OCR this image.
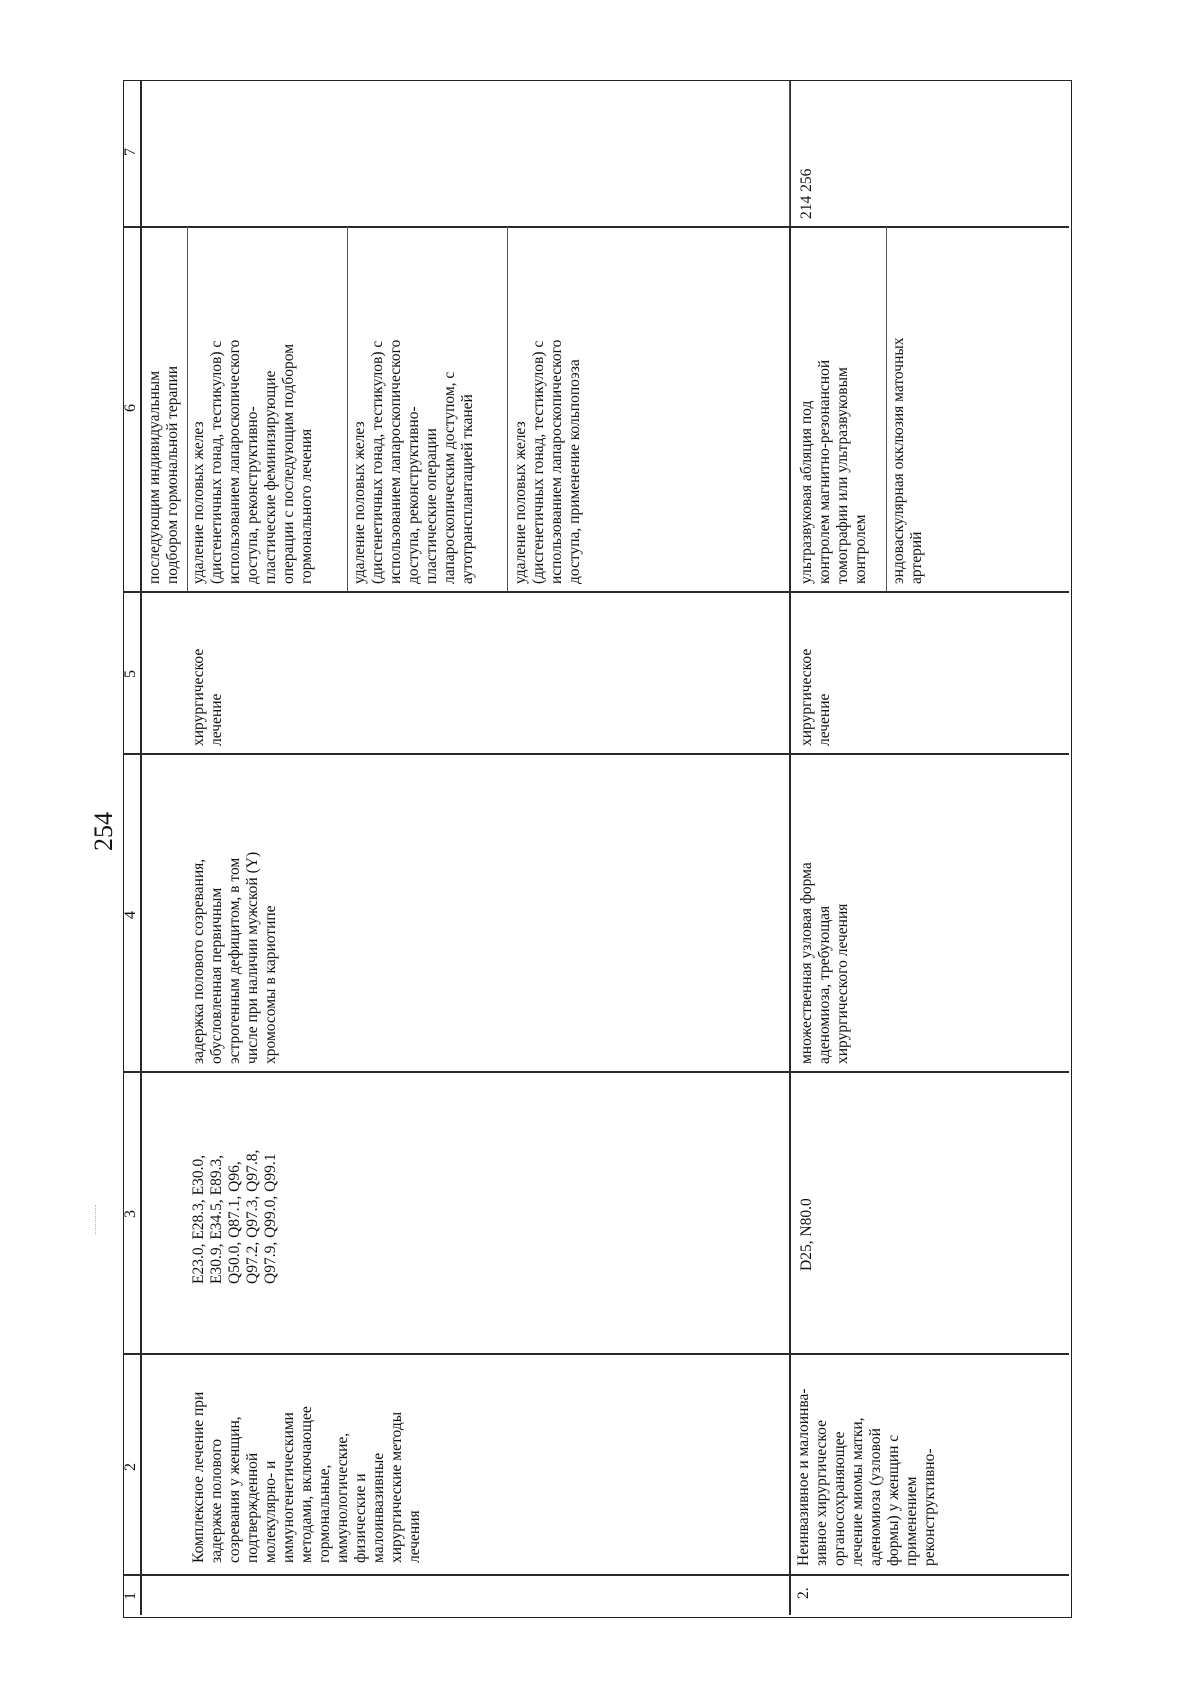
254
1
2
3
4
5
6
7
Комплексное лечение при
задержке полового
созревания у женщин,
подтвержденной
молекулярно- и
иммуногенетическими
методами, включающее
гормональные,
иммунологические,
физические и
малоинвазивные
хирургические методы
лечения
E23.0, E28.3, E30.0,
E30.9, E34.5, E89.3,
Q50.0, Q87.1, Q96,
Q97.2, Q97.3, Q97.8,
Q97.9, Q99.0, Q99.1
задержка полового созревания,
обусловленная первичным
эстрогенным дефицитом, в том
числе при наличии мужской (Y)
хромосомы в кариотипе
хирургическое
лечение
последующим индивидуальным
подбором гормональной терапии
удаление половых желез
(дисгенетичных гонад, тестикулов) с
использованием лапароскопического
доступа, реконструктивно-
пластические феминизирующие
операции с последующим подбором
гормонального лечения
удаление половых желез
(дисгенетичных гонад, тестикулов) с
использованием лапароскопического
доступа, реконструктивно-
пластические операции
лапароскопическим доступом, с
аутотрансплантацией тканей
удаление половых желез
(дисгенетичных гонад, тестикулов) с
использованием лапароскопического
доступа, применение кольпопоэза
2.
Неинвазивное и малоинва-
зивное хирургическое
органосохраняющее
лечение миомы матки,
аденомиоза (узловой
формы) у женщин с
применением
реконструктивно-
D25, N80.0
множественная узловая форма
аденомиоза, требующая
хирургического лечения
хирургическое
лечение
ультразвуковая абляция под
контролем магнитно-резонансной
томографии или ультразвуковым
контролем эндоваскулярная окклюзия маточных
артерий
214 256
